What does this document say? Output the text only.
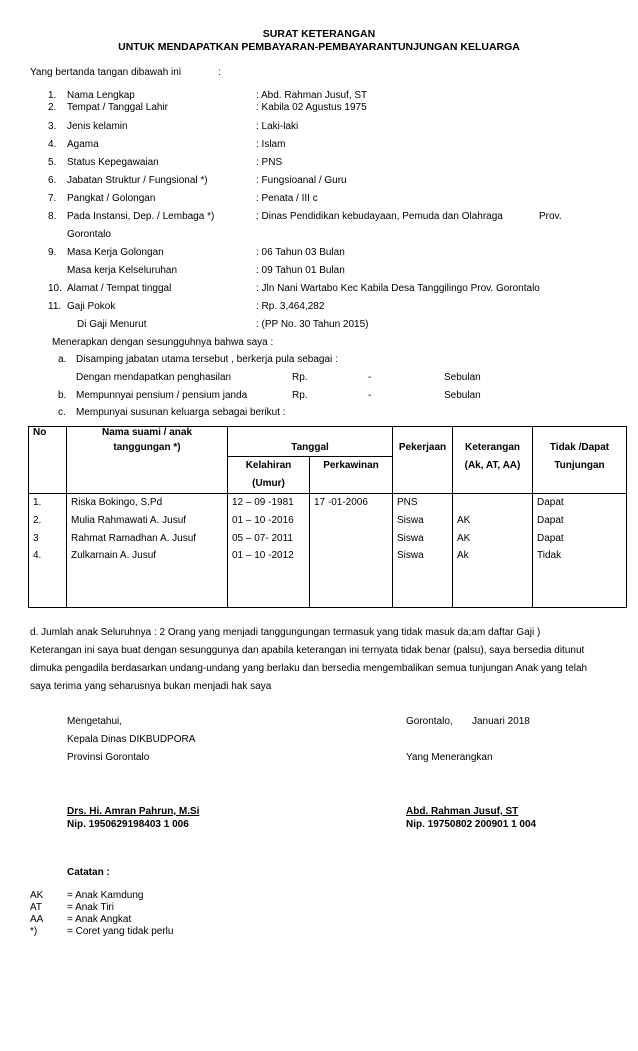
SURAT KETERANGAN
UNTUK MENDAPATKAN PEMBAYARAN-PEMBAYARANTUNJUNGAN KELUARGA
Yang bertanda tangan dibawah ini	:
1. Nama Lengkap	: Abd. Rahman Jusuf, ST
2. Tempat / Tanggal Lahir	: Kabila 02 Agustus 1975
3. Jenis kelamin	: Laki-laki
4. Agama	: Islam
5. Status Kepegawaian	: PNS
6. Jabatan Struktur / Fungsional *)	: Fungsioanal / Guru
7. Pangkat / Golongan	: Penata / III c
8. Pada Instansi, Dep. / Lembaga *)	: Dinas Pendidikan kebudayaan, Pemuda dan Olahraga	Prov.
Gorontalo
9. Masa Kerja Golongan	: 06 Tahun 03 Bulan
Masa kerja Kelseluruhan	: 09 Tahun 01 Bulan
10. Alamat / Tempat tinggal	: Jln Nani Wartabo Kec Kabila Desa Tanggilingo Prov. Gorontalo
11. Gaji Pokok	: Rp. 3,464,282
Di Gaji Menurut	: (PP No. 30 Tahun 2015)
Menerapkan dengan sesungguhnya bahwa saya :
a. Disamping jabatan utama tersebut , berkerja pula sebagai :
Dengan mendapatkan penghasilan	Rp.	-	Sebulan
b. Mempunnyai pensium / pensium janda	Rp.	-	Sebulan
c. Mempunyai susunan keluarga sebagai berikut :
No	Nama suami / anak					
	tanggungan *)	Tanggal		Pekerjaan	Keterangan	Tidak /Dapat
		Kelahiran	Perkawinan		(Ak, AT, AA)	Tunjungan
		(Umur)				
1.	Riska Bokingo, S.Pd	12 – 09 -1981	17 -01-2006	PNS		Dapat
2.	Mulia Rahmawati A. Jusuf	01 – 10 -2016		Siswa	AK	Dapat
3	Rahmat Ramadhan A. Jusuf	05 – 07- 2011		Siswa	AK	Dapat
4.	Zulkarnain A. Jusuf	01 – 10 -2012		Siswa	Ak	Tidak

d. Jumlah anak Seluruhnya : 2 Orang yang menjadi tanggungungan termasuk yang tidak masuk da;am daftar Gaji )
Keterangan ini saya buat dengan sesunggunya dan apabila keterangan ini ternyata tidak benar (palsu), saya bersedia ditunut
dimuka pengadila berdasarkan undang-undang yang berlaku dan bersedia mengembalikan semua tunjungan Anak yang telah
saya terima yang seharusnya bukan menjadi hak saya
Mengetahui,
Kepala Dinas DIKBUDPORA
Provinsi Gorontalo
Drs. Hi. Amran Pahrun, M.Si
Nip. 1950629198403 1 006
Gorontalo, Januari 2018
Yang Menerangkan
Abd. Rahman Jusuf, ST
Nip. 19750802 200901 1 004
Catatan :
AK = Anak Kamdung
AT = Anak Tiri
AA = Anak Angkat
*)	= Coret yang tidak perlu
